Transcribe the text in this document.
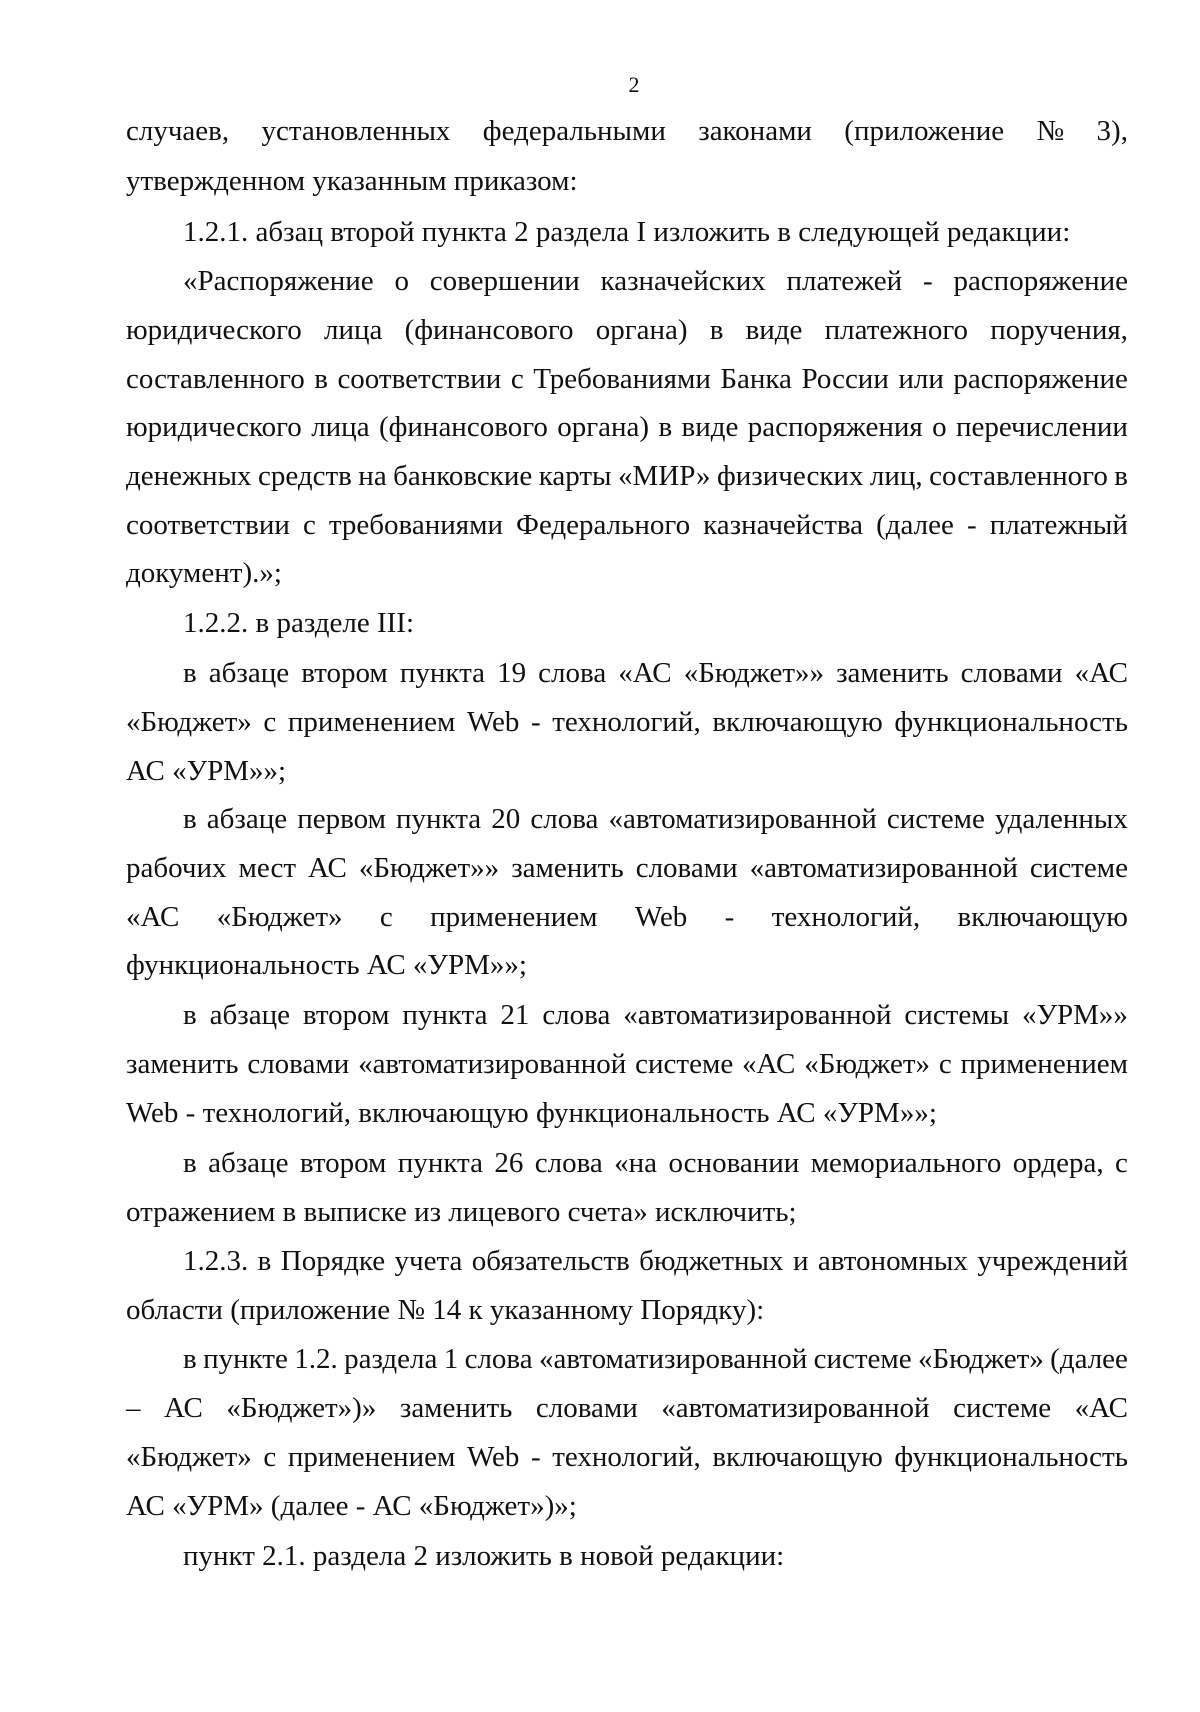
2
случаев, установленных федеральными законами (приложение № 3),
утвержденном указанным приказом:
1.2.1. абзац второй пункта 2 раздела I изложить в следующей редакции:
«Распоряжение о совершении казначейских платежей - распоряжение
юридического лица (финансового органа) в виде платежного поручения,
составленного в соответствии с Требованиями Банка России или распоряжение
юридического лица (финансового органа) в виде распоряжения о перечислении
денежных средств на банковские карты «МИР» физических лиц, составленного в
соответствии с требованиями Федерального казначейства (далее - платежный
документ).»;
1.2.2. в разделе III:
в абзаце втором пункта 19 слова «АС «Бюджет»» заменить словами «АС
«Бюджет» с применением Web - технологий, включающую функциональность
АС «УРМ»»;
в абзаце первом пункта 20 слова «автоматизированной системе удаленных
рабочих мест АС «Бюджет»» заменить словами «автоматизированной системе
«АС «Бюджет» с применением Web - технологий, включающую
функциональность АС «УРМ»»;
в абзаце втором пункта 21 слова «автоматизированной системы «УРМ»»
заменить словами «автоматизированной системе «АС «Бюджет» с применением
Web - технологий, включающую функциональность АС «УРМ»»;
в абзаце втором пункта 26 слова «на основании мемориального ордера, с
отражением в выписке из лицевого счета» исключить;
1.2.3. в Порядке учета обязательств бюджетных и автономных учреждений
области (приложение № 14 к указанному Порядку):
в пункте 1.2. раздела 1 слова «автоматизированной системе «Бюджет» (далее
– АС «Бюджет»)» заменить словами «автоматизированной системе «АС
«Бюджет» с применением Web - технологий, включающую функциональность
АС «УРМ» (далее - АС «Бюджет»)»;
пункт 2.1. раздела 2 изложить в новой редакции:
